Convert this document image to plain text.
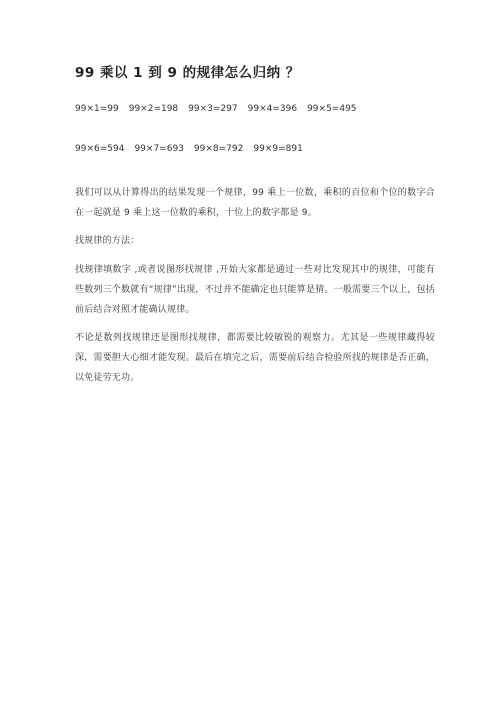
99 乘以 1 到 9 的规律怎么归纳 ？
99×1=99 99×2=198 99×3=297 99×4=396 99×5=495
99×6=594 99×7=693 99×8=792 99×9=891

我们可以从计算得出的结果发现一个规律，99 乘上一位数，乘积的百位和个位的数字合在一起就是 9 乘上这一位数的乘积，十位上的数字都是 9。

找规律的方法：

找规律填数字 ,或者说图形找规律 ,开始大家都是通过一些对比发现其中的规律，可能有些数列三个数就有“规律”出现，不过并不能确定也只能算是猜。一般需要三个以上，包括前后结合对照才能确认规律。

不论是数列找规律还是图形找规律，都需要比较敏锐的观察力。尤其是一些规律藏得较深，需要胆大心细才能发现。最后在填完之后，需要前后结合检验所找的规律是否正确，以免徒劳无功。
